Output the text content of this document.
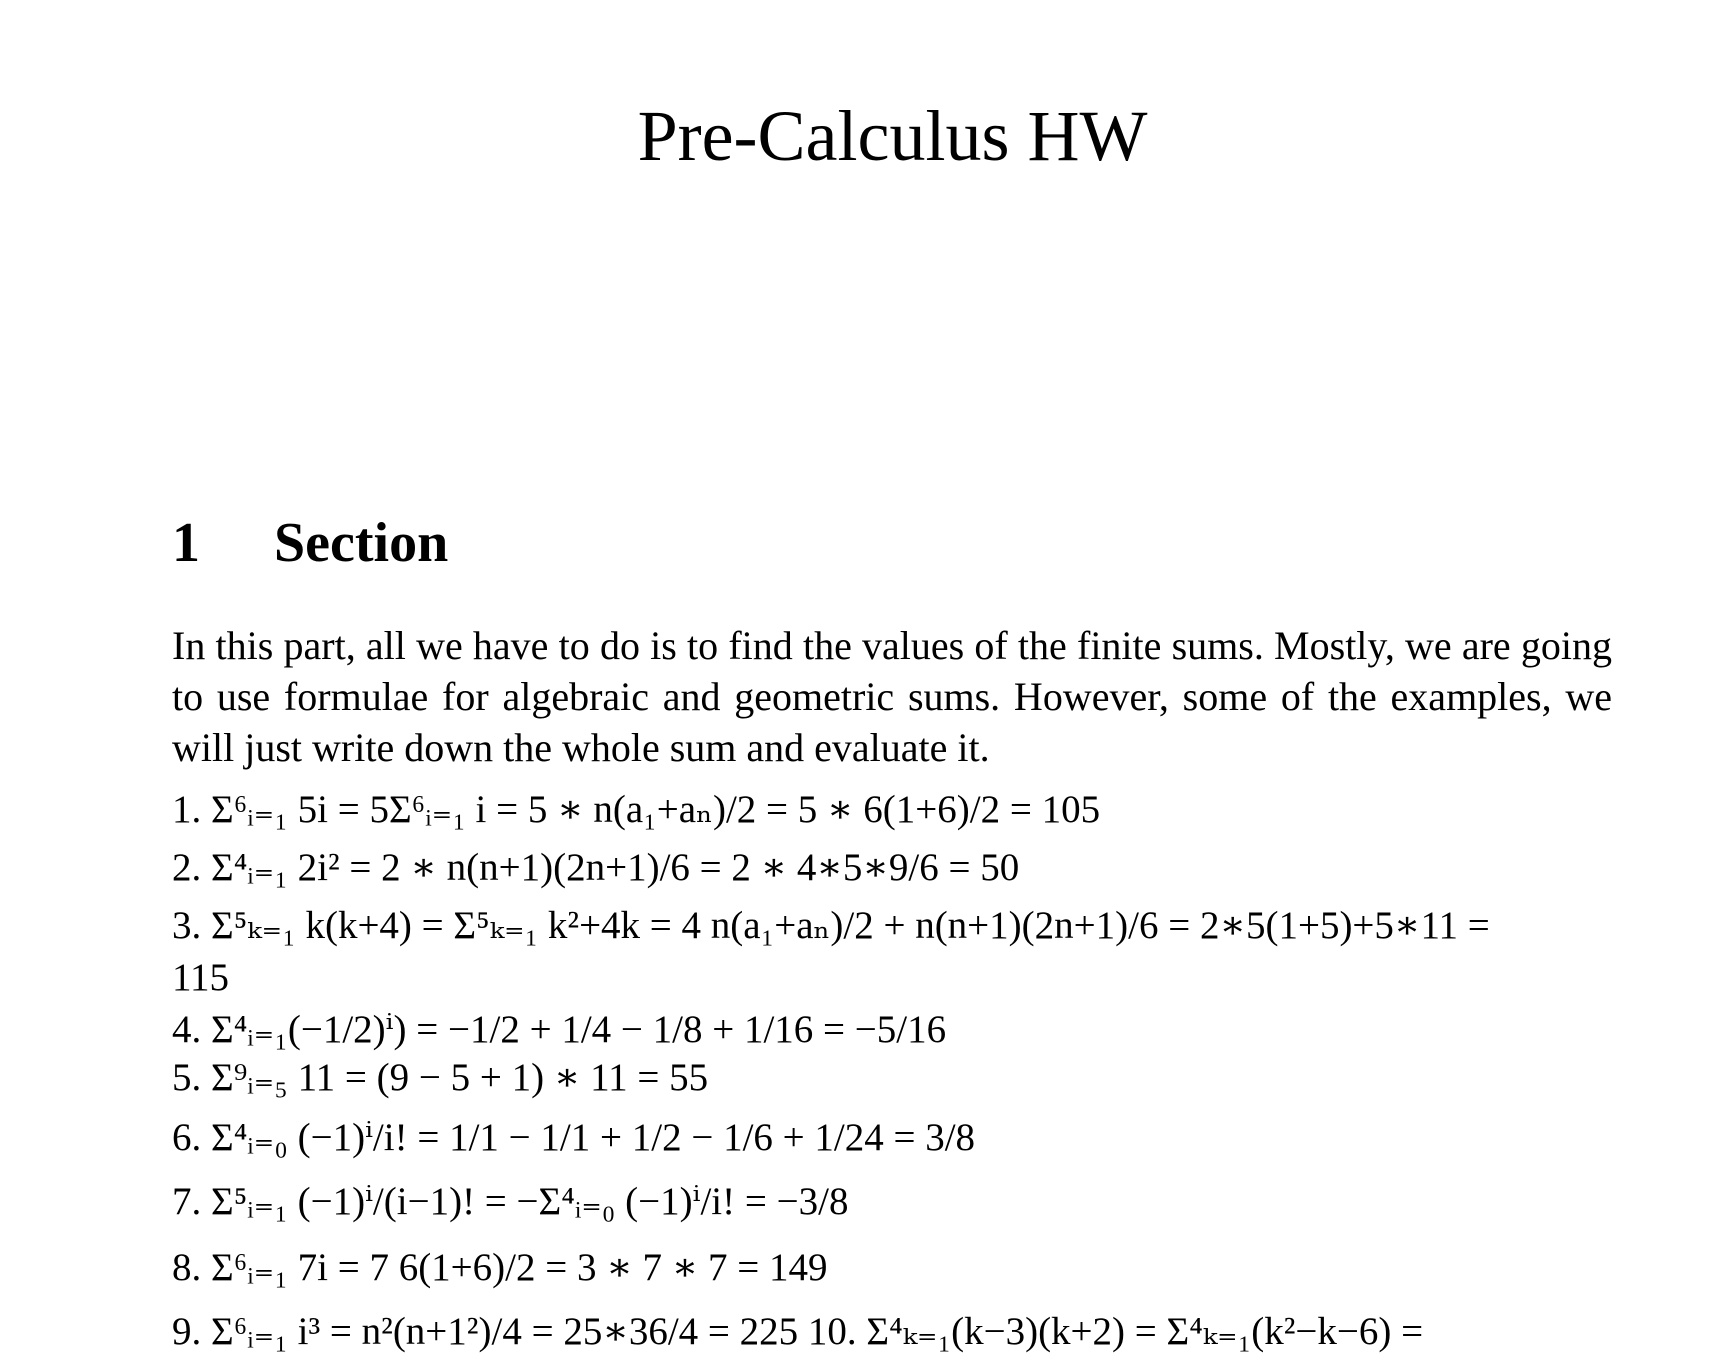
Pre-Calculus HW
1 Section
In this part, all we have to do is to find the values of the finite sums. Mostly, we are going to use formulae for algebraic and geometric sums. However, some of the examples, we will just write down the whole sum and evaluate it.
1. Σ⁶ᵢ₌₁ 5i = 5Σ⁶ᵢ₌₁ i = 5 ∗ n(a₁+aₙ)/2 = 5 ∗ 6(1+6)/2 = 105
2. Σ⁴ᵢ₌₁ 2i² = 2 ∗ n(n+1)(2n+1)/6 = 2 ∗ 4∗5∗9/6 = 50
3. Σ⁵ₖ₌₁ k(k+4) = Σ⁵ₖ₌₁ k²+4k = 4 n(a₁+aₙ)/2 + n(n+1)(2n+1)/6 = 2∗5(1+5)+5∗11 =
115
4. Σ⁴ᵢ₌₁(−1/2)ⁱ) = −1/2 + 1/4 − 1/8 + 1/16 = −5/16
5. Σ⁹ᵢ₌₅ 11 = (9 − 5 + 1) ∗ 11 = 55
6. Σ⁴ᵢ₌₀ (−1)ⁱ/i! = 1/1 − 1/1 + 1/2 − 1/6 + 1/24 = 3/8
7. Σ⁵ᵢ₌₁ (−1)ⁱ/(i−1)! = −Σ⁴ᵢ₌₀ (−1)ⁱ/i! = −3/8
8. Σ⁶ᵢ₌₁ 7i = 7 6(1+6)/2 = 3 ∗ 7 ∗ 7 = 149
9. Σ⁶ᵢ₌₁ i³ = n²(n+1²)/4 = 25∗36/4 = 225 10. Σ⁴ₖ₌₁(k−3)(k+2) = Σ⁴ₖ₌₁(k²−k−6) =
